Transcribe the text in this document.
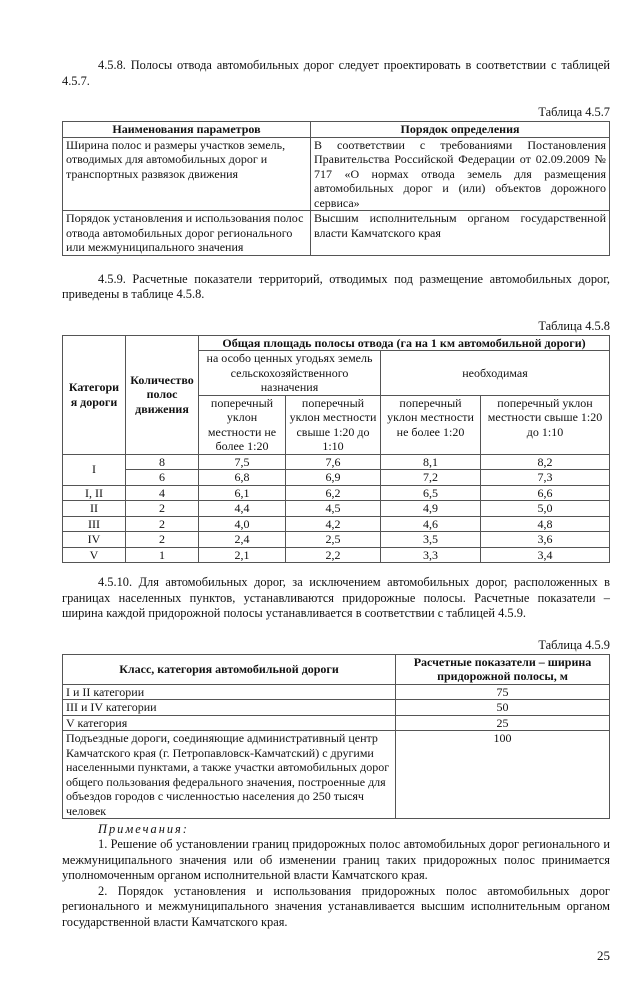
4.5.8. Полосы отвода автомобильных дорог следует проектировать в соответствии с таблицей 4.5.7.

Таблица 4.5.7
Наименования параметров	Порядок определения
Ширина полос и размеры участков земель, отводимых для автомобильных дорог и транспортных развязок движения	В соответствии с требованиями Постановления Правительства Российской Федерации от 02.09.2009 № 717 «О нормах отвода земель для размещения автомобильных дорог и (или) объектов дорожного сервиса»
Порядок установления и использования полос отвода автомобильных дорог регионального или межмуниципального значения	Высшим исполнительным органом государственной власти Камчатского края

4.5.9. Расчетные показатели территорий, отводимых под размещение автомобильных дорог, приведены в таблице 4.5.8.

Таблица 4.5.8
Категория дороги	Количество полос движения	Общая площадь полосы отвода (га на 1 км автомобильной дороги)			
		на особо ценных угодьях земель сельскохозяйственного назначения		необходимая	
		поперечный уклон местности не более 1:20	поперечный уклон местности свыше 1:20 до 1:10	поперечный уклон местности не более 1:20	поперечный уклон местности свыше 1:20 до 1:10
I	8	7,5	7,6	8,1	8,2
	6	6,8	6,9	7,2	7,3
I, II	4	6,1	6,2	6,5	6,6
II	2	4,4	4,5	4,9	5,0
III	2	4,0	4,2	4,6	4,8
IV	2	2,4	2,5	3,5	3,6
V	1	2,1	2,2	3,3	3,4

4.5.10. Для автомобильных дорог, за исключением автомобильных дорог, расположенных в границах населенных пунктов, устанавливаются придорожные полосы. Расчетные показатели – ширина каждой придорожной полосы устанавливается в соответствии с таблицей 4.5.9.

Таблица 4.5.9
Класс, категория автомобильной дороги	Расчетные показатели – ширина придорожной полосы, м
I и II категории	75
III и IV категории	50
V категория	25
Подъездные дороги, соединяющие административный центр Камчатского края (г. Петропавловск-Камчатский) с другими населенными пунктами, а также участки автомобильных дорог общего пользования федерального значения, построенные для объездов городов с численностью населения до 250 тысяч человек	100
Примечания:

1. Решение об установлении границ придорожных полос автомобильных дорог регионального и межмуниципального значения или об изменении границ таких придорожных полос принимается уполномоченным органом исполнительной власти Камчатского края.

2. Порядок установления и использования придорожных полос автомобильных дорог регионального и межмуниципального значения устанавливается высшим исполнительным органом государственной власти Камчатского края.

25
